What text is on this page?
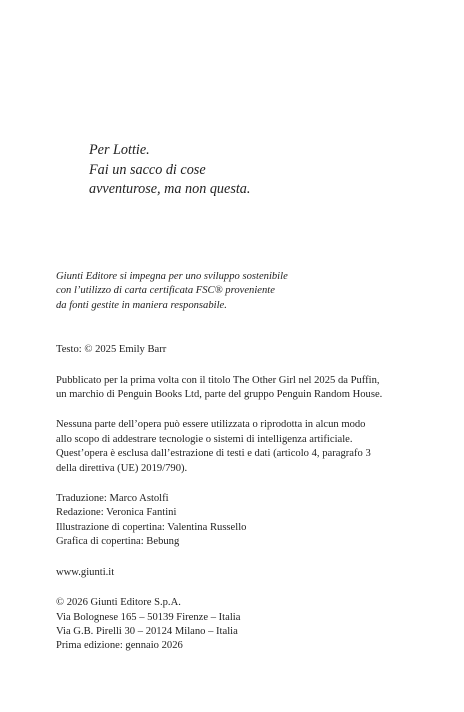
Per Lottie.
Fai un sacco di cose
avventurose, ma non questa.
Giunti Editore si impegna per uno sviluppo sostenibile
con l’utilizzo di carta certificata FSC® proveniente
da fonti gestite in maniera responsabile.
Testo: © 2025 Emily Barr
Pubblicato per la prima volta con il titolo The Other Girl nel 2025 da Puffin,
un marchio di Penguin Books Ltd, parte del gruppo Penguin Random House.
Nessuna parte dell’opera può essere utilizzata o riprodotta in alcun modo
allo scopo di addestrare tecnologie o sistemi di intelligenza artificiale.
Quest’opera è esclusa dall’estrazione di testi e dati (articolo 4, paragrafo 3
della direttiva (UE) 2019/790).
Traduzione: Marco Astolfi
Redazione: Veronica Fantini
Illustrazione di copertina: Valentina Russello
Grafica di copertina: Bebung
www.giunti.it
© 2026 Giunti Editore S.p.A.
Via Bolognese 165 – 50139 Firenze – Italia
Via G.B. Pirelli 30 – 20124 Milano – Italia
Prima edizione: gennaio 2026
